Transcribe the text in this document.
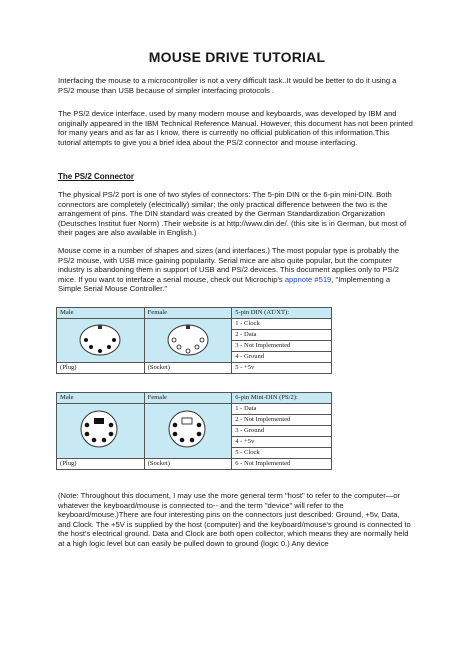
MOUSE DRIVE TUTORIAL

Interfacing the mouse to a microcontroller is not a very difficult task..It would be better to do it using a PS/2 mouse than USB because of simpler interfacing protocols .

The PS/2 device interface, used by many modern mouse and keyboards, was developed by IBM and originally appeared in the IBM Technical Reference Manual. However, this document has not been printed for many years and as far as I know, there is currently no official publication of this information.This tutorial attempts to give you a brief idea about the PS/2 connector and mouse interfacing.

The PS/2 Connector

The physical PS/2 port is one of two styles of connectors: The 5-pin DIN or the 6-pin mini-DIN. Both connectors are completely (electrically) similar; the only practical difference between the two is the arrangement of pins. The DIN standard was created by the German Standardization Organization (Deutsches Institut fuer Norm) .Their website is at http://www.din.de/. (this site is in German, but most of their pages are also available in English.)

Mouse come in a number of shapes and sizes (and interfaces.) The most popular type is probably the PS/2 mouse, with USB mice gaining popularity. Serial mice are also quite popular, but the computer industry is abandoning them in support of USB and PS/2 devices. This document applies only to PS/2 mice. If you want to interface a serial mouse, check out Microchip's appnote #519, "Implementing a Simple Serial Mouse Controller."

Male	Female	5-pin DIN (AT/XT):

	1 - Clock
		2 - Data
		3 - Not Implemented
		4 - Ground
(Plug)	(Socket)	5 - +5v
Male	Female	6-pin Mini-DIN (PS/2):

	1 - Data
		2 - Not Implemented
		3 - Ground
		4 - +5v
		5 - Clock
(Plug)	(Socket)	6 - Not Implemented

(Note: Throughout this document, I may use the more general term "host" to refer to the computer—or whatever the keyboard/mouse is connected to-- and the term "device" will refer to the keyboard/mouse.)There are four interesting pins on the connectors just described: Ground, +5v, Data, and Clock. The +5V is supplied by the host (computer) and the keyboard/mouse's ground is connected to the host's electrical ground. Data and Clock are both open collector, which means they are normally held at a high logic level but can easily be pulled down to ground (logic 0.) Any device
